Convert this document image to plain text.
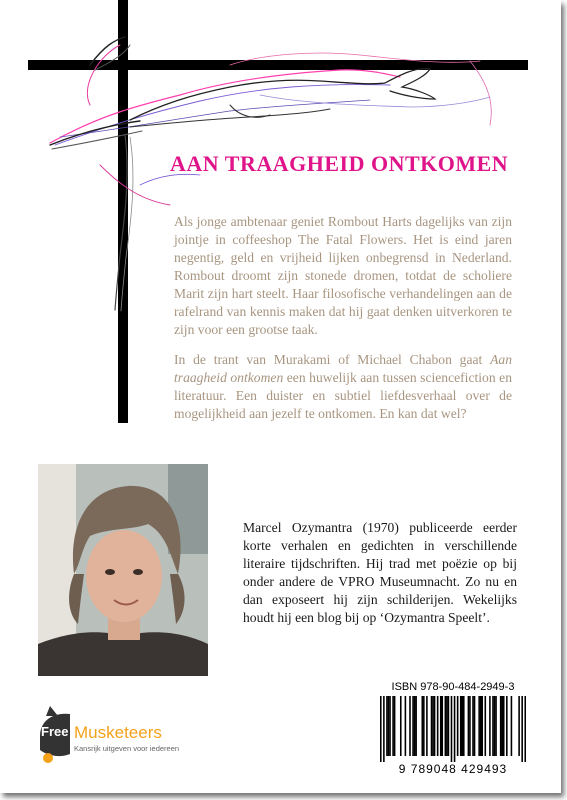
AAN TRAAGHEID ONTKOMEN

Als jonge ambtenaar geniet Rombout Harts dagelijks van zijn jointje in coffeeshop The Fatal Flowers. Het is eind jaren negentig, geld en vrijheid lijken onbegrensd in Nederland. Rombout droomt zijn stonede dromen, totdat de scholiere Marit zijn hart steelt. Haar filosofische verhandelingen aan de rafelrand van kennis maken dat hij gaat denken uitverkoren te zijn voor een grootse taak.

In de trant van Murakami of Michael Chabon gaat Aan traagheid ontkomen een huwelijk aan tussen sciencefiction en literatuur. Een duister en subtiel liefdesverhaal over de mogelijkheid aan jezelf te ontkomen. En kan dat wel?

Marcel Ozymantra (1970) publiceerde eerder korte verhalen en gedichten in verschillende literaire tijdschriften. Hij trad met poëzie op bij onder andere de VPRO Museumnacht. Zo nu en dan exposeert hij zijn schilderijen. Wekelijks houdt hij een blog bij op ‘Ozymantra Speelt’.

ISBN 978-90-484-2949-3
9 789048 429493
Free Musketeers
Kansrijk uitgeven voor iedereen
